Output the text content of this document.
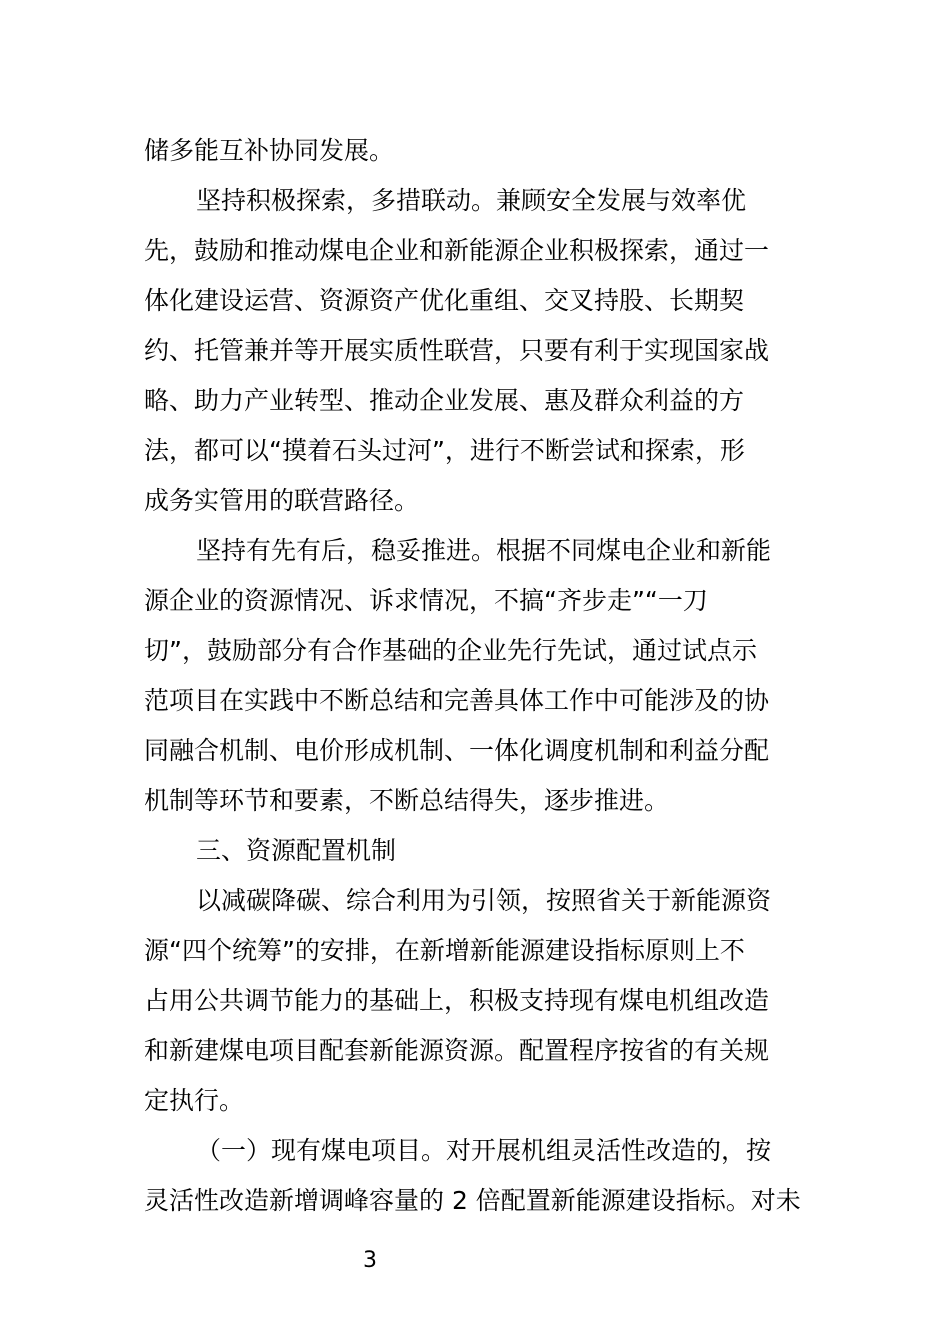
储多能互补协同发展。
坚持积极探索，多措联动。兼顾安全发展与效率优
先，鼓励和推动煤电企业和新能源企业积极探索，通过一
体化建设运营、资源资产优化重组、交叉持股、长期契
约、托管兼并等开展实质性联营，只要有利于实现国家战
略、助力产业转型、推动企业发展、惠及群众利益的方
法，都可以“摸着石头过河”，进行不断尝试和探索，形
成务实管用的联营路径。
坚持有先有后，稳妥推进。根据不同煤电企业和新能
源企业的资源情况、诉求情况，不搞“齐步走”“一刀
切”，鼓励部分有合作基础的企业先行先试，通过试点示
范项目在实践中不断总结和完善具体工作中可能涉及的协
同融合机制、电价形成机制、一体化调度机制和利益分配
机制等环节和要素，不断总结得失，逐步推进。
三、资源配置机制
以减碳降碳、综合利用为引领，按照省关于新能源资
源“四个统筹”的安排，在新增新能源建设指标原则上不
占用公共调节能力的基础上，积极支持现有煤电机组改造
和新建煤电项目配套新能源资源。配置程序按省的有关规
定执行。
（一）现有煤电项目。对开展机组灵活性改造的，按
灵活性改造新增调峰容量的 2 倍配置新能源建设指标。对未
3
